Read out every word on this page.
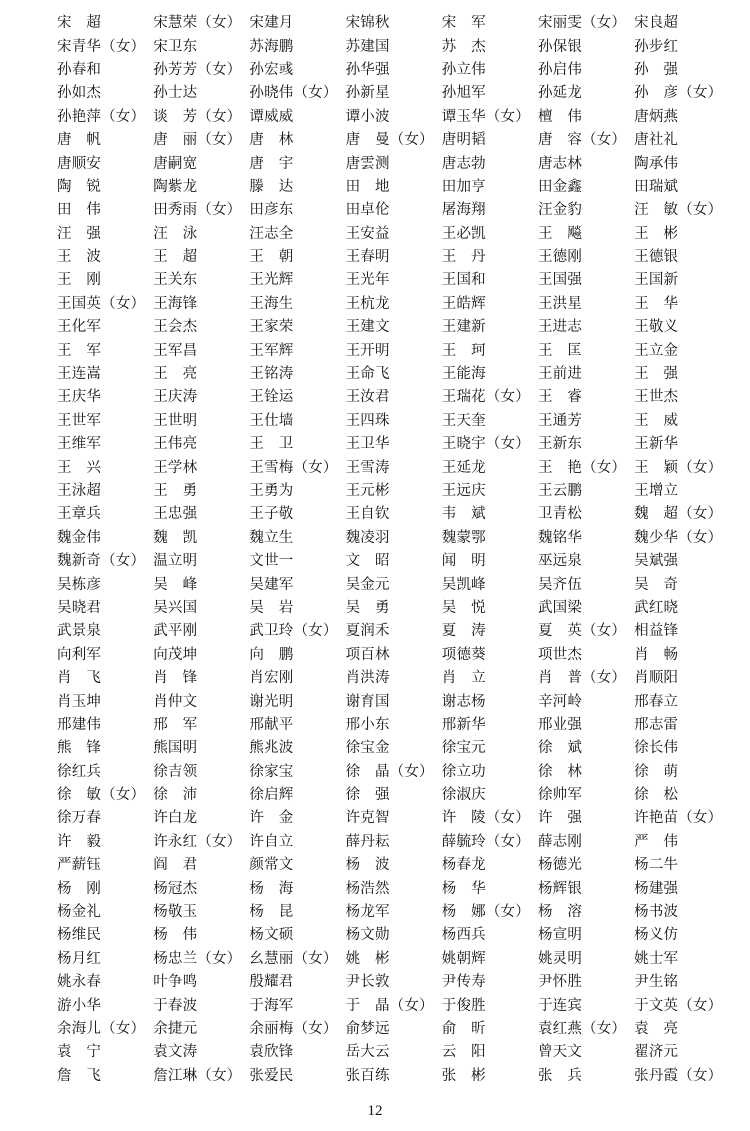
宋　超	宋慧荣（女） 宋建月	宋锦秋	宋　军	宋丽雯（女） 宋良超
宋青华（女） 宋卫东	苏海鹏	苏建国	苏　杰	孙保银	孙步红
孙春和	孙芳芳（女） 孙宏彧	孙华强	孙立伟	孙启伟	孙　强
孙如杰	孙士达	孙晓伟（女） 孙新星	孙旭军	孙延龙	孙　彦（女）
孙艳萍（女） 谈　芳（女） 谭威威	谭小波	谭玉华（女） 檀　伟	唐炳燕
唐　帆	唐　丽（女） 唐　林	唐　曼（女） 唐明韬	唐　容（女） 唐社礼
唐顺安	唐嗣宽	唐　宇	唐雲测	唐志勃	唐志林	陶承伟
陶　锐	陶紫龙	滕　达	田　地	田加亨	田金鑫	田瑞斌
田　伟	田秀雨（女） 田彦东	田卓伦	屠海翔	汪金豹	汪　敏（女）
汪　强	汪　泳	汪志全	王安益	王必凯	王　飚	王　彬
王　波	王　超	王　朝	王春明	王　丹	王德刚	王德银
王　刚	王关东	王光辉	王光年	王国和	王国强	王国新
王国英（女） 王海锋	王海生	王杭龙	王皓辉	王洪星	王　华
王化军	王会杰	王家荣	王建文	王建新	王进志	王敬义
王　军	王军昌	王军辉	王开明	王　珂	王　匡	王立金
王连嵩	王　亮	王铭涛	王命飞	王能海	王前进	王　强
王庆华	王庆涛	王铨运	王汝君	王瑞花（女） 王　睿	王世杰
王世军	王世明	王仕墙	王四珠	王天奎	王通芳	王　威
王维军	王伟亮	王　卫	王卫华	王晓宇（女） 王新东	王新华
王　兴	王学林	王雪梅（女） 王雪涛	王延龙	王　艳（女） 王　颖（女）
王泳超	王　勇	王勇为	王元彬	王远庆	王云鹏	王增立
王章兵	王忠强	王子敬	王自钦	韦　斌	卫青松	魏　超（女）
魏金伟	魏　凯	魏立生	魏凌羽	魏蒙鄂	魏铭华	魏少华（女）
魏新奇（女） 温立明	文世一	文　昭	闻　明	巫远泉	吴斌强
吴栋彦	吴　峰	吴建军	吴金元	吴凯峰	吴齐伍	吴　奇
吴晓君	吴兴国	吴　岩	吴　勇	吴　悦	武国梁	武红晓
武景泉	武平刚	武卫玲（女） 夏润禾	夏　涛	夏　英（女） 相益锋
向利军	向茂坤	向　鹏	项百林	项德葵	项世杰	肖　畅
肖　飞	肖　锋	肖宏刚	肖洪涛	肖　立	肖　普（女） 肖顺阳
肖玉坤	肖仲文	谢光明	谢育国	谢志杨	辛河岭	邢春立
邢建伟	邢　军	邢献平	邢小东	邢新华	邢业强	邢志雷
熊　锋	熊国明	熊兆波	徐宝金	徐宝元	徐　斌	徐长伟
徐红兵	徐吉领	徐家宝	徐　晶（女） 徐立功	徐　林	徐　萌
徐　敏（女） 徐　沛	徐启辉	徐　强	徐淑庆	徐帅军	徐　松
徐万春	许白龙	许　金	许克智	许　陵（女） 许　强	许艳苗（女）
许　毅	许永红（女） 许自立	薛丹耘	薛毓玲（女） 薛志刚	严　伟
严薪钰	阎　君	颜常文	杨　波	杨春龙	杨德光	杨二牛
杨　刚	杨冠杰	杨　海	杨浩然	杨　华	杨辉银	杨建强
杨金礼	杨敬玉	杨　昆	杨龙军	杨　娜（女） 杨　溶	杨书波
杨维民	杨　伟	杨文硕	杨文勋	杨西兵	杨宣明	杨义仿
杨月红	杨忠兰（女） 幺慧丽（女） 姚　彬	姚朝辉	姚灵明	姚士军
姚永春	叶争鸣	殷耀君	尹长敦	尹传寿	尹怀胜	尹生铭
游小华	于春波	于海军	于　晶（女） 于俊胜	于连宾	于文英（女）
余海儿（女） 余捷元	余丽梅（女） 俞梦远	俞　昕	袁红燕（女） 袁　亮
袁　宁	袁文涛	袁欣锋	岳大云	云　阳	曾天文	翟济元
詹　飞	詹江琳（女） 张爱民	张百练	张　彬	张　兵	张丹霞（女）
12
